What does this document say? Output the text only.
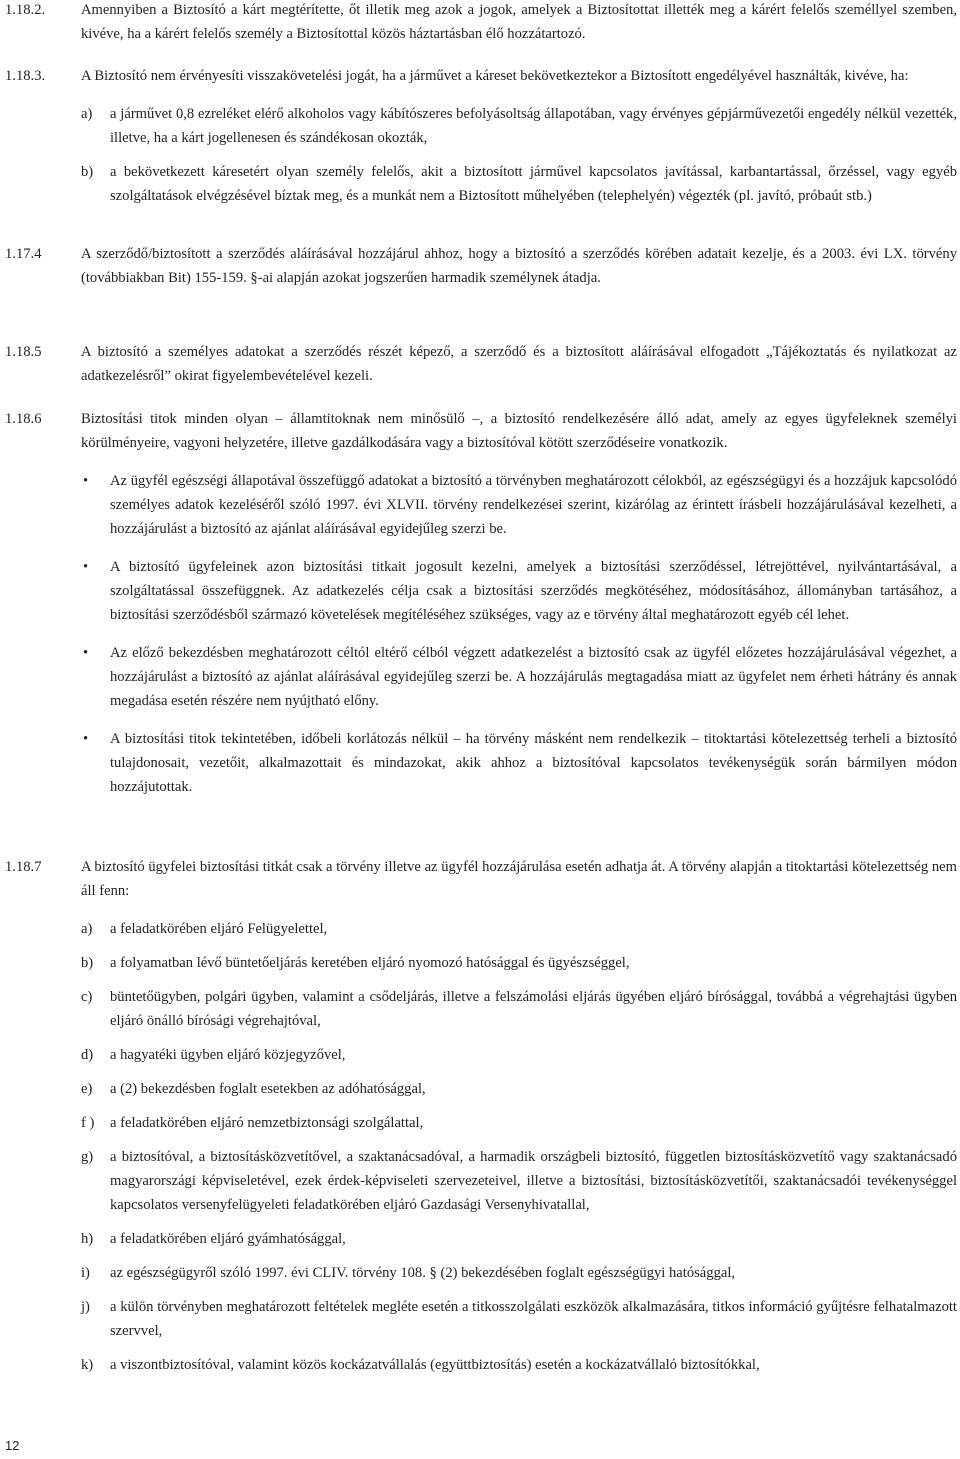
1.18.2. Amennyiben a Biztosító a kárt megtérítette, őt illetik meg azok a jogok, amelyek a Biztosítottat illették meg a kárért felelős személlyel szemben, kivéve, ha a kárért felelős személy a Biztosítottal közös háztartásban élő hozzátartozó.

1.18.3. A Biztosító nem érvényesíti visszakövetelési jogát, ha a járművet a káreset bekövetkeztekor a Biztosított engedélyével használták, kivéve, ha:

a) a járművet 0,8 ezreléket elérő alkoholos vagy kábítószeres befolyásoltság állapotában, vagy érvényes gépjárművezetői engedély nélkül vezették, illetve, ha a kárt jogellenesen és szándékosan okozták,
b) a bekövetkezett káresetért olyan személy felelős, akit a biztosított járművel kapcsolatos javítással, karbantartással, őrzéssel, vagy egyéb szolgáltatások elvégzésével bíztak meg, és a munkát nem a Biztosított műhelyében (telephelyén) végezték (pl. javító, próbaút stb.)
1.17.4	A szerződő/biztosított a szerződés aláírásával hozzájárul ahhoz, hogy a biztosító a szerződés körében adatait kezelje, és a 2003. évi LX. törvény (továbbiakban Bit) 155-159. §-ai alapján azokat jogszerűen harmadik személynek átadja.

1.18.5	A biztosító a személyes adatokat a szerződés részét képező, a szerződő és a biztosított aláírásával elfogadott „Tájékoztatás és nyilatkozat az adatkezelésről” okirat figyelembevételével kezeli.

1.18.6	Biztosítási titok minden olyan – államtitoknak nem minősülő –, a biztosító rendelkezésére álló adat, amely az egyes ügyfeleknek személyi körülményeire, vagyoni helyzetére, illetve gazdálkodására vagy a biztosítóval kötött szerződéseire vonatkozik.

• Az ügyfél egészségi állapotával összefüggő adatokat a biztosító a törvényben meghatározott célokból, az egészségügyi és a hozzájuk kapcsolódó személyes adatok kezeléséről szóló 1997. évi XLVII. törvény rendelkezései szerint, kizárólag az érintett írásbeli hozzájárulásával kezelheti, a hozzájárulást a biztosító az ajánlat aláírásával egyidejűleg szerzi be.
• A biztosító ügyfeleinek azon biztosítási titkait jogosult kezelni, amelyek a biztosítási szerződéssel, létrejöttével, nyilvántartásával, a szolgáltatással összefüggnek. Az adatkezelés célja csak a biztosítási szerződés megkötéséhez, módosításához, állományban tartásához, a biztosítási szerződésből származó követelések megítéléséhez szükséges, vagy az e törvény által meghatározott egyéb cél lehet.
• Az előző bekezdésben meghatározott céltól eltérő célból végzett adatkezelést a biztosító csak az ügyfél előzetes hozzájárulásával végezhet, a hozzájárulást a biztosító az ajánlat aláírásával egyidejűleg szerzi be. A hozzájárulás megtagadása miatt az ügyfelet nem érheti hátrány és annak megadása esetén részére nem nyújtható előny.
• A biztosítási titok tekintetében, időbeli korlátozás nélkül – ha törvény másként nem rendelkezik – titoktartási kötelezettség terheli a biztosító tulajdonosait, vezetőit, alkalmazottait és mindazokat, akik ahhoz a biztosítóval kapcsolatos tevékenységük során bármilyen módon hozzájutottak.
1.18.7	A biztosító ügyfelei biztosítási titkát csak a törvény illetve az ügyfél hozzájárulása esetén adhatja át. A törvény alapján a titoktartási kötelezettség nem áll fenn:

a) a feladatkörében eljáró Felügyelettel,
b) a folyamatban lévő büntetőeljárás keretében eljáró nyomozó hatósággal és ügyészséggel,
c) büntetőügyben, polgári ügyben, valamint a csődeljárás, illetve a felszámolási eljárás ügyében eljáró bírósággal, továbbá a végrehajtási ügyben eljáró önálló bírósági végrehajtóval,
d) a hagyatéki ügyben eljáró közjegyzővel,
e) a (2) bekezdésben foglalt esetekben az adóhatósággal,
f ) a feladatkörében eljáró nemzetbiztonsági szolgálattal,
g) a biztosítóval, a biztosításközvetítővel, a szaktanácsadóval, a harmadik országbeli biztosító, független biztosításközvetítő vagy szaktanácsadó magyarországi képviseletével, ezek érdek-képviseleti szervezeteivel, illetve a biztosítási, biztosításközvetítői, szaktanácsadói tevékenységgel kapcsolatos versenyfelügyeleti feladatkörében eljáró Gazdasági Versenyhivatallal,
h) a feladatkörében eljáró gyámhatósággal,
i) az egészségügyről szóló 1997. évi CLIV. törvény 108. § (2) bekezdésében foglalt egészségügyi hatósággal,
j) a külön törvényben meghatározott feltételek megléte esetén a titkosszolgálati eszközök alkalmazására, titkos információ gyűjtésre felhatalmazott szervvel,
k) a viszontbiztosítóval, valamint közös kockázatvállalás (együttbiztosítás) esetén a kockázatvállaló biztosítókkal,
12
